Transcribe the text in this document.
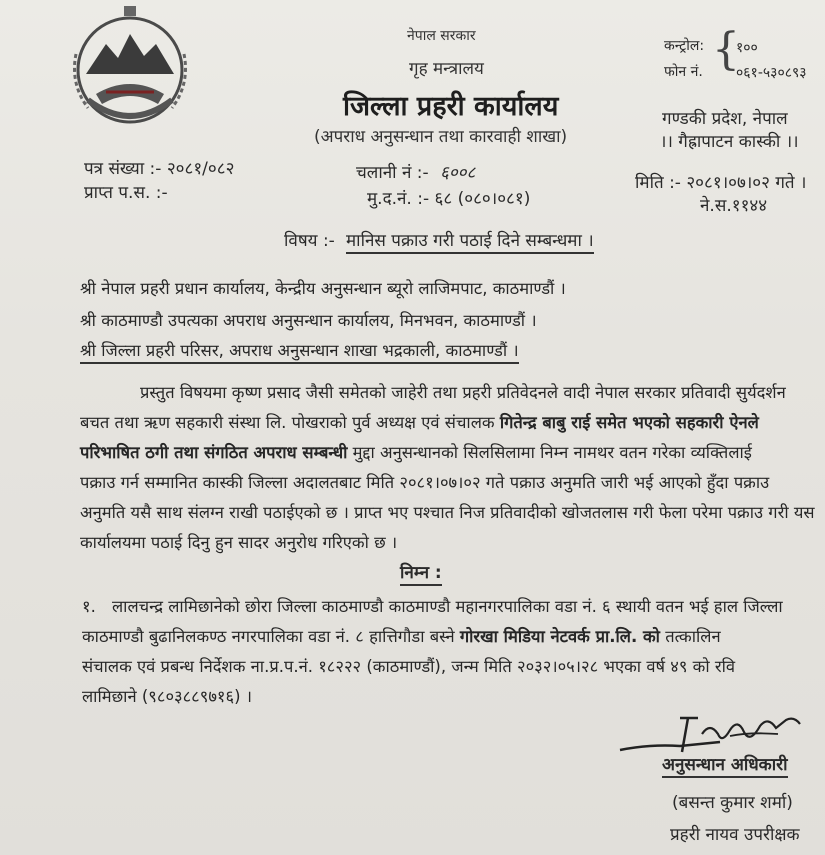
नेपाल सरकार
गृह मन्त्रालय
जिल्ला प्रहरी कार्यालय
(अपराध अनुसन्धान तथा कारवाही शाखा)
कन्ट्रोल:
फोन नं. {
१००
०६१-५३०८९३
गण्डकी प्रदेश, नेपाल
।। गैह्रापाटन कास्की ।।
पत्र संख्या :- २०८१/०८२
प्राप्त प.स. :-
चलानी नं :- ६००८
मु.द.नं. :- ६८ (०८०।०८१)
मिति :- २०८१।०७।०२ गते ।
ने.स.११४४
विषय :- मानिस पक्राउ गरी पठाई दिने सम्बन्धमा ।
श्री नेपाल प्रहरी प्रधान कार्यालय, केन्द्रीय अनुसन्धान ब्यूरो लाजिमपाट, काठमाण्डौं ।
श्री काठमाण्डौ उपत्यका अपराध अनुसन्धान कार्यालय, मिनभवन, काठमाण्डौं ।
श्री जिल्ला प्रहरी परिसर, अपराध अनुसन्धान शाखा भद्रकाली, काठमाण्डौं ।
प्रस्तुत विषयमा कृष्ण प्रसाद जैसी समेतको जाहेरी तथा प्रहरी प्रतिवेदनले वादी नेपाल सरकार प्रतिवादी सुर्यदर्शन
बचत तथा ऋण सहकारी संस्था लि. पोखराको पुर्व अध्यक्ष एवं संचालक गितेन्द्र बाबु राई समेत भएको सहकारी ऐनले
परिभाषित ठगी तथा संगठित अपराध सम्बन्धी मुद्दा अनुसन्धानको सिलसिलामा निम्न नामथर वतन गरेका व्यक्तिलाई
पक्राउ गर्न सम्मानित कास्की जिल्ला अदालतबाट मिति २०८१।०७।०२ गते पक्राउ अनुमति जारी भई आएको हुँदा पक्राउ
अनुमति यसै साथ संलग्न राखी पठाईएको छ । प्राप्त भए पश्चात निज प्रतिवादीको खोजतलास गरी फेला परेमा पक्राउ गरी यस
कार्यालयमा पठाई दिनु हुन सादर अनुरोध गरिएको छ ।
निम्न :
१. लालचन्द्र लामिछानेको छोरा जिल्ला काठमाण्डौ काठमाण्डौ महानगरपालिका वडा नं. ६ स्थायी वतन भई हाल जिल्ला
काठमाण्डौ बुढानिलकण्ठ नगरपालिका वडा नं. ८ हात्तिगौडा बस्ने गोरखा मिडिया नेटवर्क प्रा.लि. को तत्कालिन
संचालक एवं प्रबन्ध निर्देशक ना.प्र.प.नं. १८२२२ (काठमाण्डौं), जन्म मिति २०३२।०५।२८ भएका वर्ष ४९ को रवि
लामिछाने (९८०३८८९७१६) ।
अनुसन्धान अधिकारी
(बसन्त कुमार शर्मा)
प्रहरी नायव उपरीक्षक
